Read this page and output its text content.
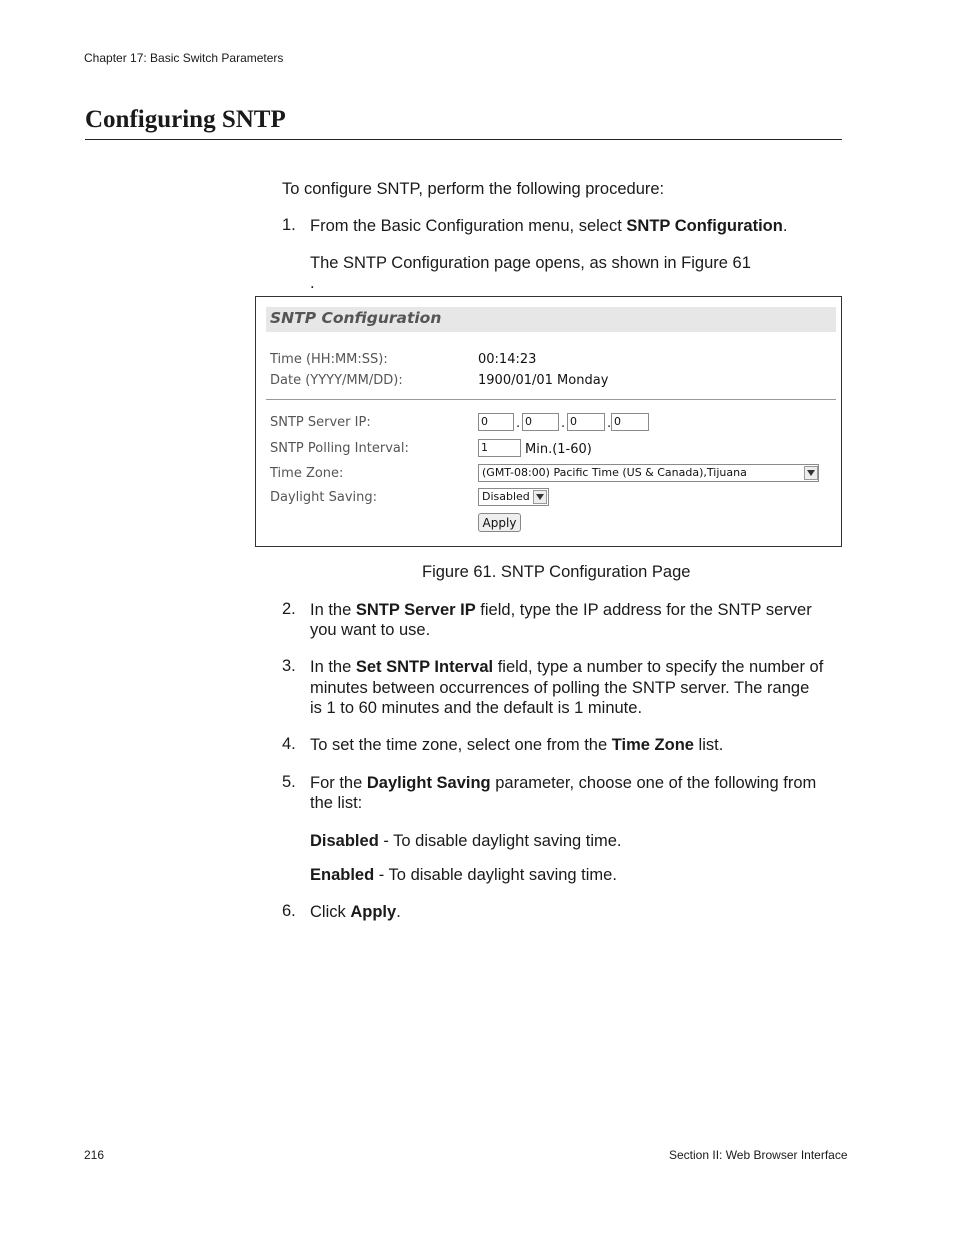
Chapter 17: Basic Switch Parameters
Configuring SNTP
To configure SNTP, perform the following procedure:
1. From the Basic Configuration menu, select SNTP Configuration.
The SNTP Configuration page opens, as shown in Figure 61
.
SNTP Configuration
Time (HH:MM:SS):	00:14:23
Date (YYYY/MM/DD):	1900/01/01 Monday
SNTP Server IP:	0	. 0	. 0	. 0
SNTP Polling Interval:	1	Min.(1-60)
Time Zone:	(GMT-08:00) Pacific Time (US & Canada),Tijuana
Daylight Saving:	Disabled
Apply
Figure 61. SNTP Configuration Page
2. In the SNTP Server IP field, type the IP address for the SNTP server
you want to use.
3. In the Set SNTP Interval field, type a number to specify the number of
minutes between occurrences of polling the SNTP server. The range
is 1 to 60 minutes and the default is 1 minute.
4. To set the time zone, select one from the Time Zone list.
5. For the Daylight Saving parameter, choose one of the following from
the list:
Disabled - To disable daylight saving time.
Enabled - To disable daylight saving time.
6. Click Apply.
216	Section II: Web Browser Interface
